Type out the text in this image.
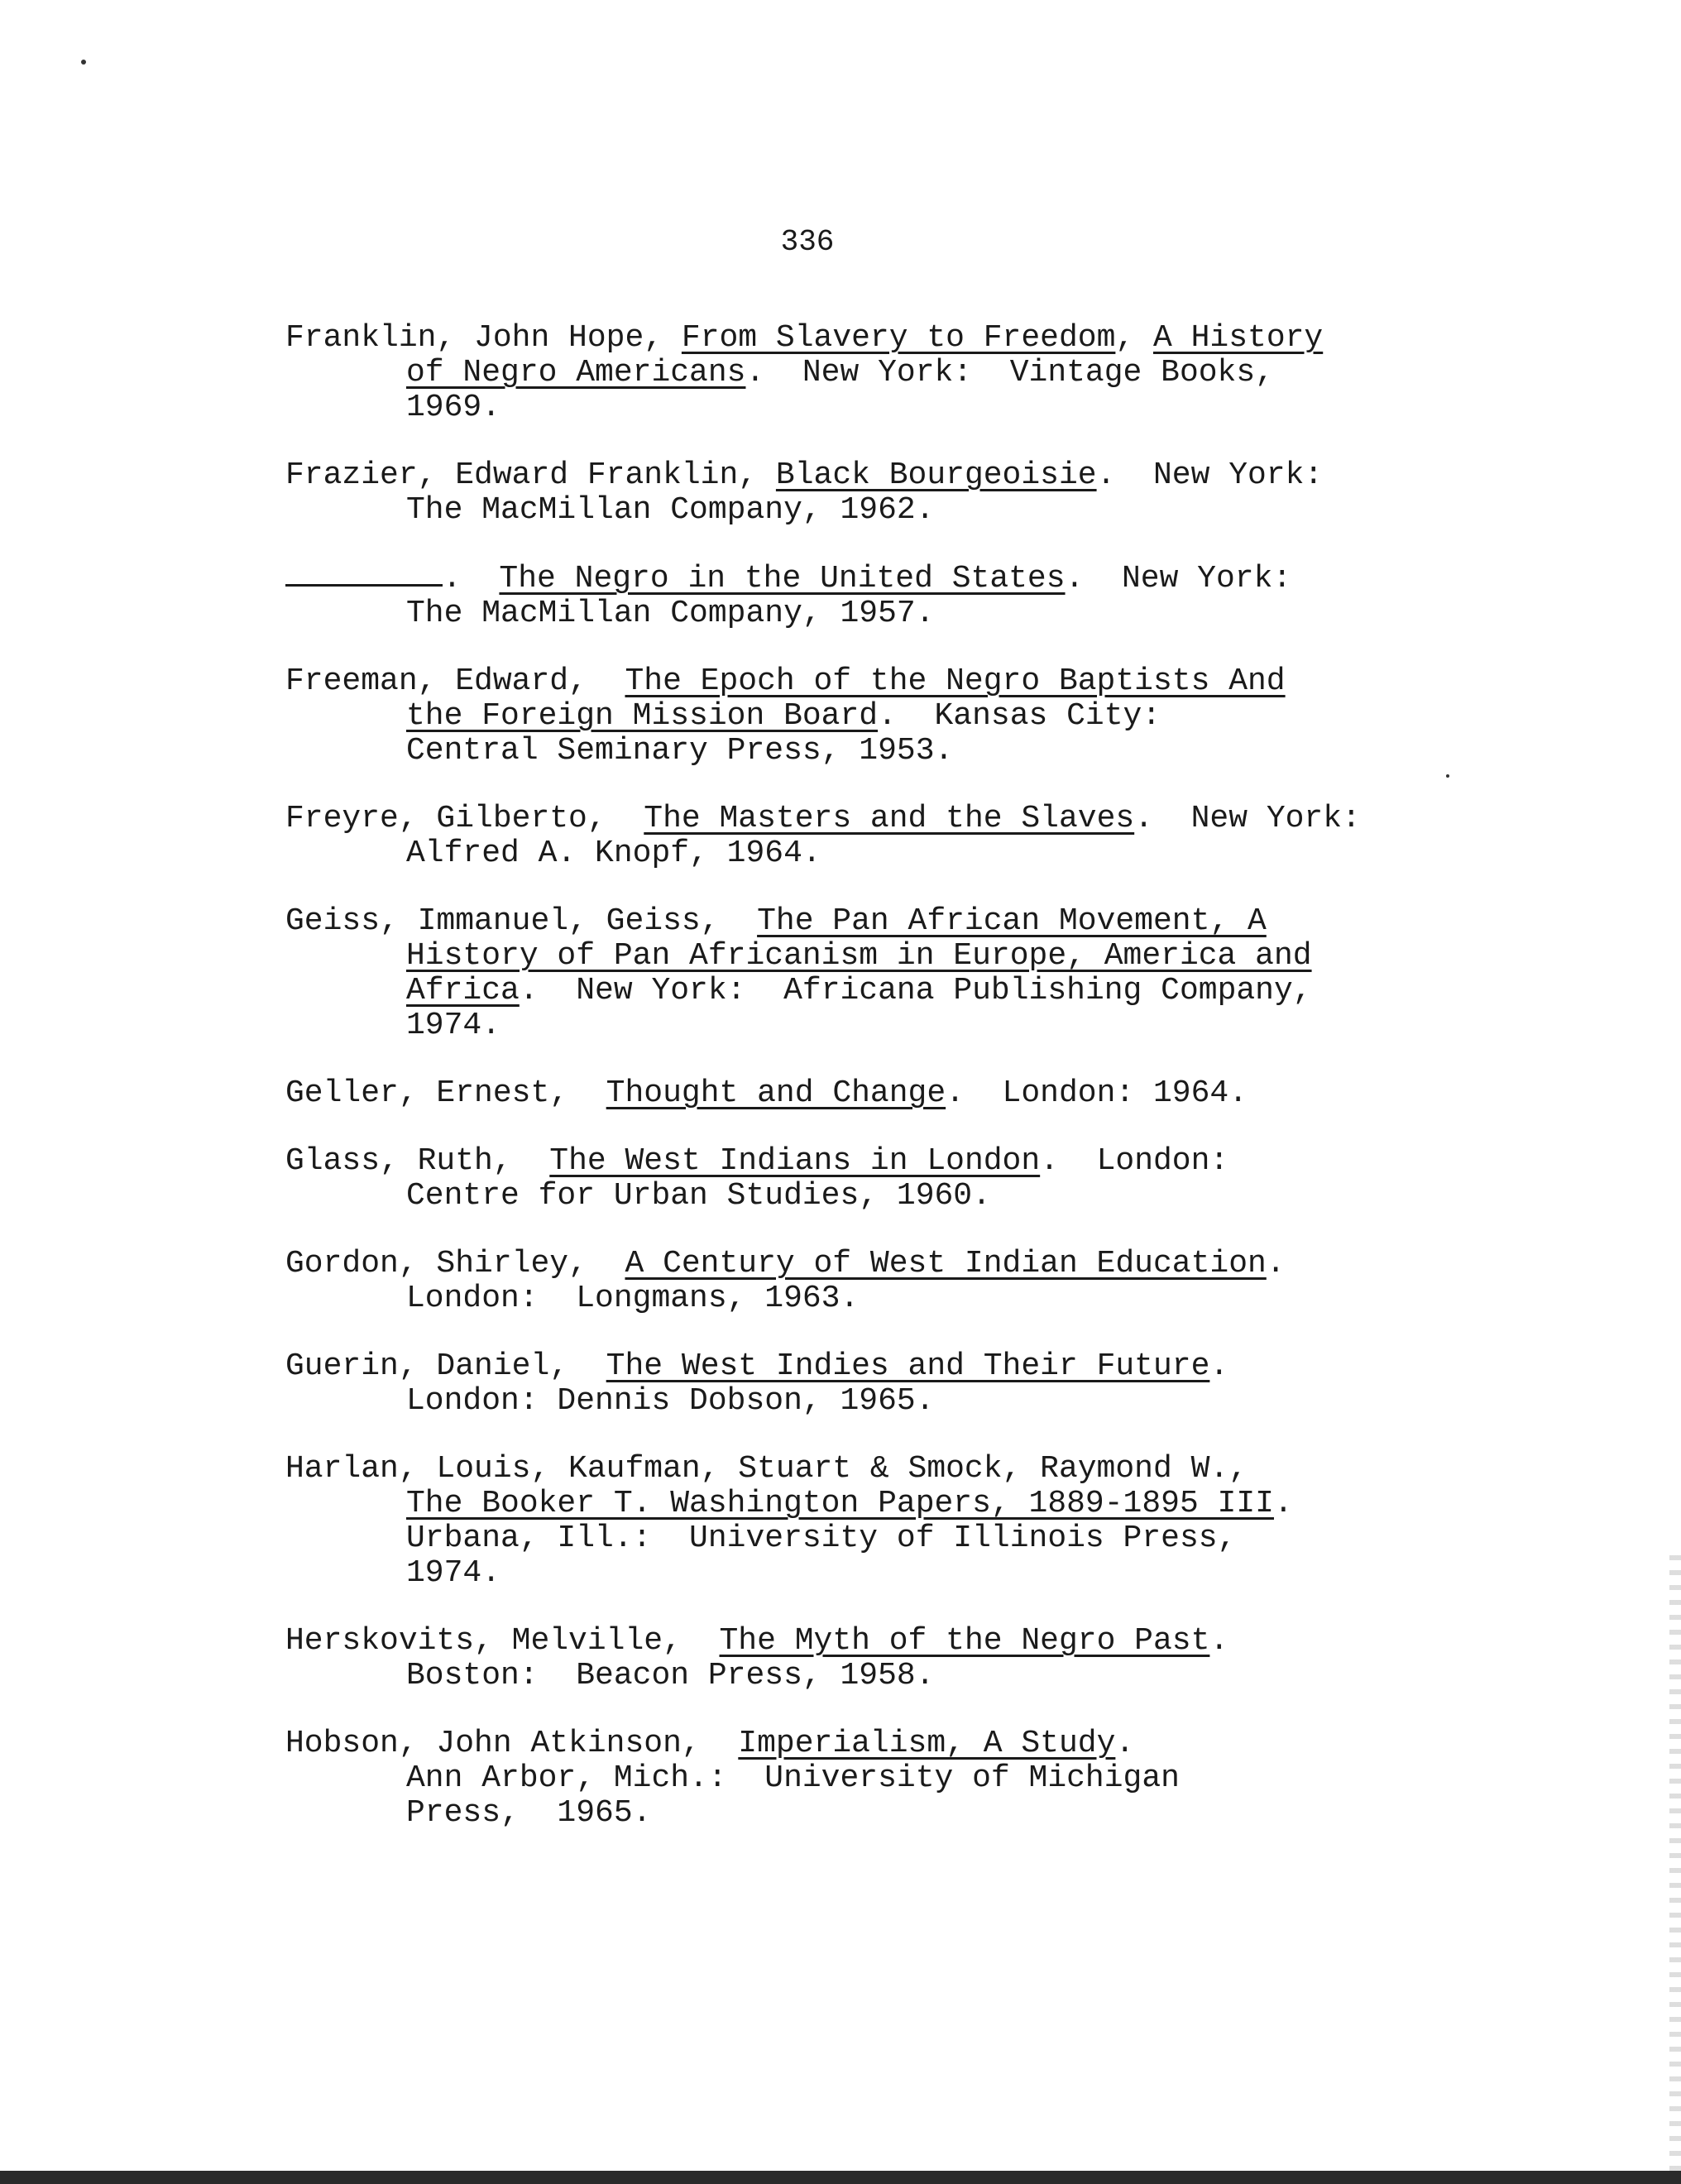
336
Franklin, John Hope, From Slavery to Freedom, A History
of Negro Americans.  New York:  Vintage Books,
1969.
Frazier, Edward Franklin, Black Bourgeoisie.  New York:
The MacMillan Company, 1962.
.  The Negro in the United States.  New York:
The MacMillan Company, 1957.
Freeman, Edward,  The Epoch of the Negro Baptists And
the Foreign Mission Board.  Kansas City:
Central Seminary Press, 1953.
Freyre, Gilberto,  The Masters and the Slaves.  New York:
Alfred A. Knopf, 1964.
Geiss, Immanuel, Geiss,  The Pan African Movement, A
History of Pan Africanism in Europe, America and
Africa.  New York:  Africana Publishing Company,
1974.
Geller, Ernest,  Thought and Change.  London: 1964.
Glass, Ruth,  The West Indians in London.  London:
Centre for Urban Studies, 1960.
Gordon, Shirley,  A Century of West Indian Education.
London:  Longmans, 1963.
Guerin, Daniel,  The West Indies and Their Future.
London: Dennis Dobson, 1965.
Harlan, Louis, Kaufman, Stuart & Smock, Raymond W.,
The Booker T. Washington Papers, 1889-1895 III.
Urbana, Ill.:  University of Illinois Press,
1974.
Herskovits, Melville,  The Myth of the Negro Past.
Boston:  Beacon Press, 1958.
Hobson, John Atkinson,  Imperialism, A Study.
Ann Arbor, Mich.:  University of Michigan
Press,  1965.
